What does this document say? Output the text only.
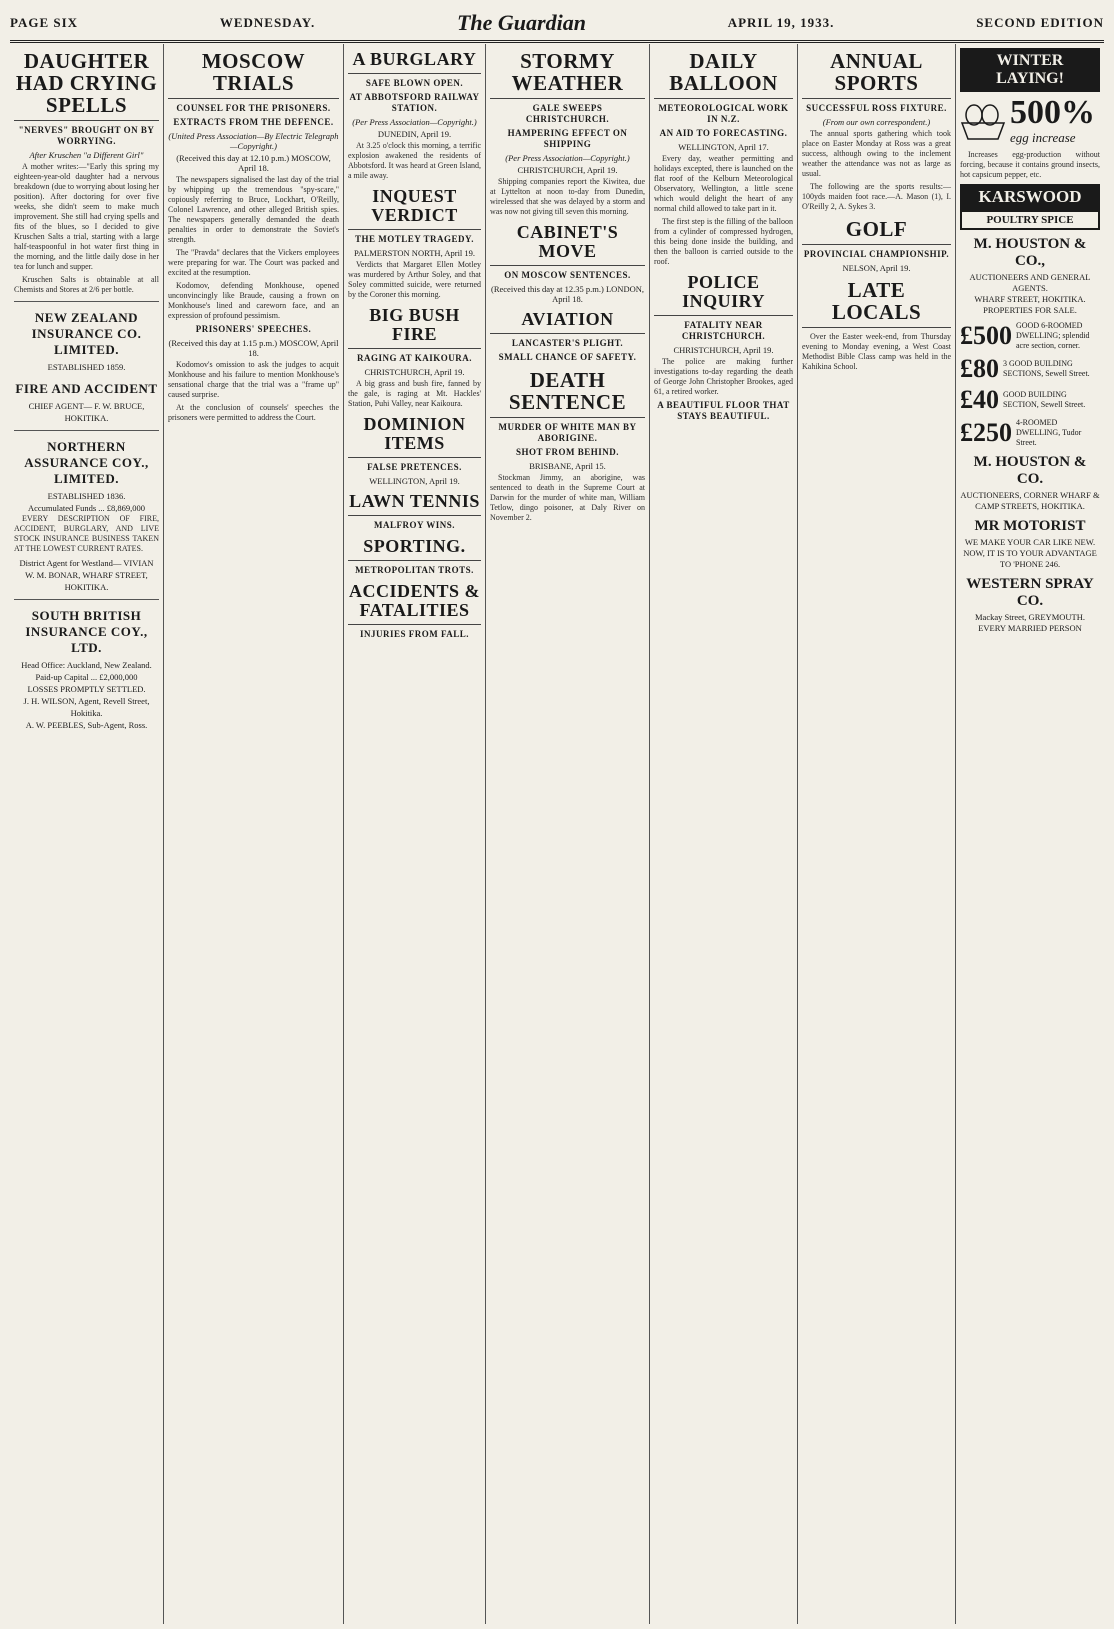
PAGE SIX	WEDNESDAY.	The Guardian	APRIL 19, 1933.	SECOND EDITION
DAUGHTER HAD CRYING SPELLS
"NERVES" BROUGHT ON BY WORRYING.
After Kruschen "a Different Girl"

A mother writes:—"Early this spring my eighteen-year-old daughter had a nervous breakdown (due to worrying about losing her position). After doctoring for over five weeks, she didn't seem to make much improvement. She still had crying spells and fits of the blues, so I decided to give Kruschen Salts a trial, starting with a large half-teaspoonful in hot water first thing in the morning, and the little daily dose in her tea for lunch and supper.

Kruschen Salts is obtainable at all Chemists and Stores at 2/6 per bottle.

NEW ZEALAND INSURANCE CO. LIMITED.
ESTABLISHED 1859.
FIRE AND ACCIDENT
CHIEF AGENT— F. W. BRUCE, HOKITIKA.
NORTHERN ASSURANCE COY., LIMITED.
ESTABLISHED 1836.
Accumulated Funds ... £8,869,000

EVERY DESCRIPTION OF FIRE, ACCIDENT, BURGLARY, AND LIVE STOCK INSURANCE BUSINESS TAKEN AT THE LOWEST CURRENT RATES.

District Agent for Westland— VIVIAN W. M. BONAR, WHARF STREET, HOKITIKA.
SOUTH BRITISH INSURANCE COY., LTD.
Head Office: Auckland, New Zealand. Paid-up Capital ... £2,000,000
LOSSES PROMPTLY SETTLED.
J. H. WILSON, Agent, Revell Street, Hokitika.
A. W. PEEBLES, Sub-Agent, Ross.
MOSCOW TRIALS
COUNSEL FOR THE PRISONERS.
EXTRACTS FROM THE DEFENCE.
(United Press Association—By Electric Telegraph—Copyright.)
(Received this day at 12.10 p.m.) MOSCOW, April 18.

The newspapers signalised the last day of the trial by whipping up the tremendous "spy-scare," copiously referring to Bruce, Lockhart, O'Reilly, Colonel Lawrence, and other alleged British spies. The newspapers generally demanded the death penalties in order to demonstrate the Soviet's strength.

The "Pravda" declares that the Vickers employees were preparing for war. The Court was packed and excited at the resumption.

Kodomov, defending Monkhouse, opened unconvincingly like Braude, causing a frown on Monkhouse's lined and careworn face, and an expression of profound pessimism.

PRISONERS' SPEECHES.
(Received this day at 1.15 p.m.) MOSCOW, April 18.

Kodomov's omission to ask the judges to acquit Monkhouse and his failure to mention Monkhouse's sensational charge that the trial was a "frame up" caused surprise.

At the conclusion of counsels' speeches the prisoners were permitted to address the Court.

A BURGLARY
SAFE BLOWN OPEN.
AT ABBOTSFORD RAILWAY STATION.
(Per Press Association—Copyright.)
DUNEDIN, April 19.

At 3.25 o'clock this morning, a terrific explosion awakened the residents of Abbotsford. It was heard at Green Island, a mile away.

INQUEST VERDICT
THE MOTLEY TRAGEDY.
PALMERSTON NORTH, April 19.

Verdicts that Margaret Ellen Motley was murdered by Arthur Soley, and that Soley committed suicide, were returned by the Coroner this morning.

BIG BUSH FIRE
RAGING AT KAIKOURA.
CHRISTCHURCH, April 19.

A big grass and bush fire, fanned by the gale, is raging at Mt. Hackles' Station, Puhi Valley, near Kaikoura.

DOMINION ITEMS
FALSE PRETENCES.
WELLINGTON, April 19.
LAWN TENNIS
MALFROY WINS.
SPORTING.
METROPOLITAN TROTS.
ACCIDENTS & FATALITIES
INJURIES FROM FALL.
STORMY WEATHER
GALE SWEEPS CHRISTCHURCH.
HAMPERING EFFECT ON SHIPPING
(Per Press Association—Copyright.)
CHRISTCHURCH, April 19.

Shipping companies report the Kiwitea, due at Lyttelton at noon to-day from Dunedin, wirelessed that she was delayed by a storm and was now not giving till seven this morning.

CABINET'S MOVE
ON MOSCOW SENTENCES.
(Received this day at 12.35 p.m.) LONDON, April 18.
AVIATION
LANCASTER'S PLIGHT.
SMALL CHANCE OF SAFETY.
DEATH SENTENCE
MURDER OF WHITE MAN BY ABORIGINE.
SHOT FROM BEHIND.
BRISBANE, April 15.

Stockman Jimmy, an aborigine, was sentenced to death in the Supreme Court at Darwin for the murder of white man, William Tetlow, dingo poisoner, at Daly River on November 2.

DAILY BALLOON
METEOROLOGICAL WORK IN N.Z.
AN AID TO FORECASTING.
WELLINGTON, April 17.

Every day, weather permitting and holidays excepted, there is launched on the flat roof of the Kelburn Meteorological Observatory, Wellington, a little scene which would delight the heart of any normal child allowed to take part in it.

The first step is the filling of the balloon from a cylinder of compressed hydrogen, this being done inside the building, and then the balloon is carried outside to the roof.

POLICE INQUIRY
FATALITY NEAR CHRISTCHURCH.
CHRISTCHURCH, April 19.

The police are making further investigations to-day regarding the death of George John Christopher Brookes, aged 61, a retired worker.

A BEAUTIFUL FLOOR THAT STAYS BEAUTIFUL.
ANNUAL SPORTS
SUCCESSFUL ROSS FIXTURE.
(From our own correspondent.)

The annual sports gathering which took place on Easter Monday at Ross was a great success, although owing to the inclement weather the attendance was not as large as usual.

The following are the sports results:— 100yds maiden foot race.—A. Mason (1), I. O'Reilly 2, A. Sykes 3.

GOLF
PROVINCIAL CHAMPIONSHIP.
NELSON, April 19.
LATE LOCALS

Over the Easter week-end, from Thursday evening to Monday evening, a West Coast Methodist Bible Class camp was held in the Kahikina School.

WINTER LAYING!
500%
egg increase

Increases egg-production without forcing, because it contains ground insects, hot capsicum pepper, etc.

KARSWOOD
POULTRY SPICE
M. HOUSTON & CO.,
AUCTIONEERS AND GENERAL AGENTS.
WHARF STREET, HOKITIKA.
PROPERTIES FOR SALE.
£500 GOOD 6-ROOMED DWELLING; splendid acre section, corner.
£80 3 GOOD BUILDING SECTIONS, Sewell Street.
£40 GOOD BUILDING SECTION, Sewell Street.
£250 4-ROOMED DWELLING, Tudor Street.
M. HOUSTON & CO.
AUCTIONEERS, CORNER WHARF & CAMP STREETS, HOKITIKA.
MR MOTORIST
WE MAKE YOUR CAR LIKE NEW.
NOW, IT IS TO YOUR ADVANTAGE TO 'PHONE 246.
WESTERN SPRAY CO.
Mackay Street, GREYMOUTH.
EVERY MARRIED PERSON
